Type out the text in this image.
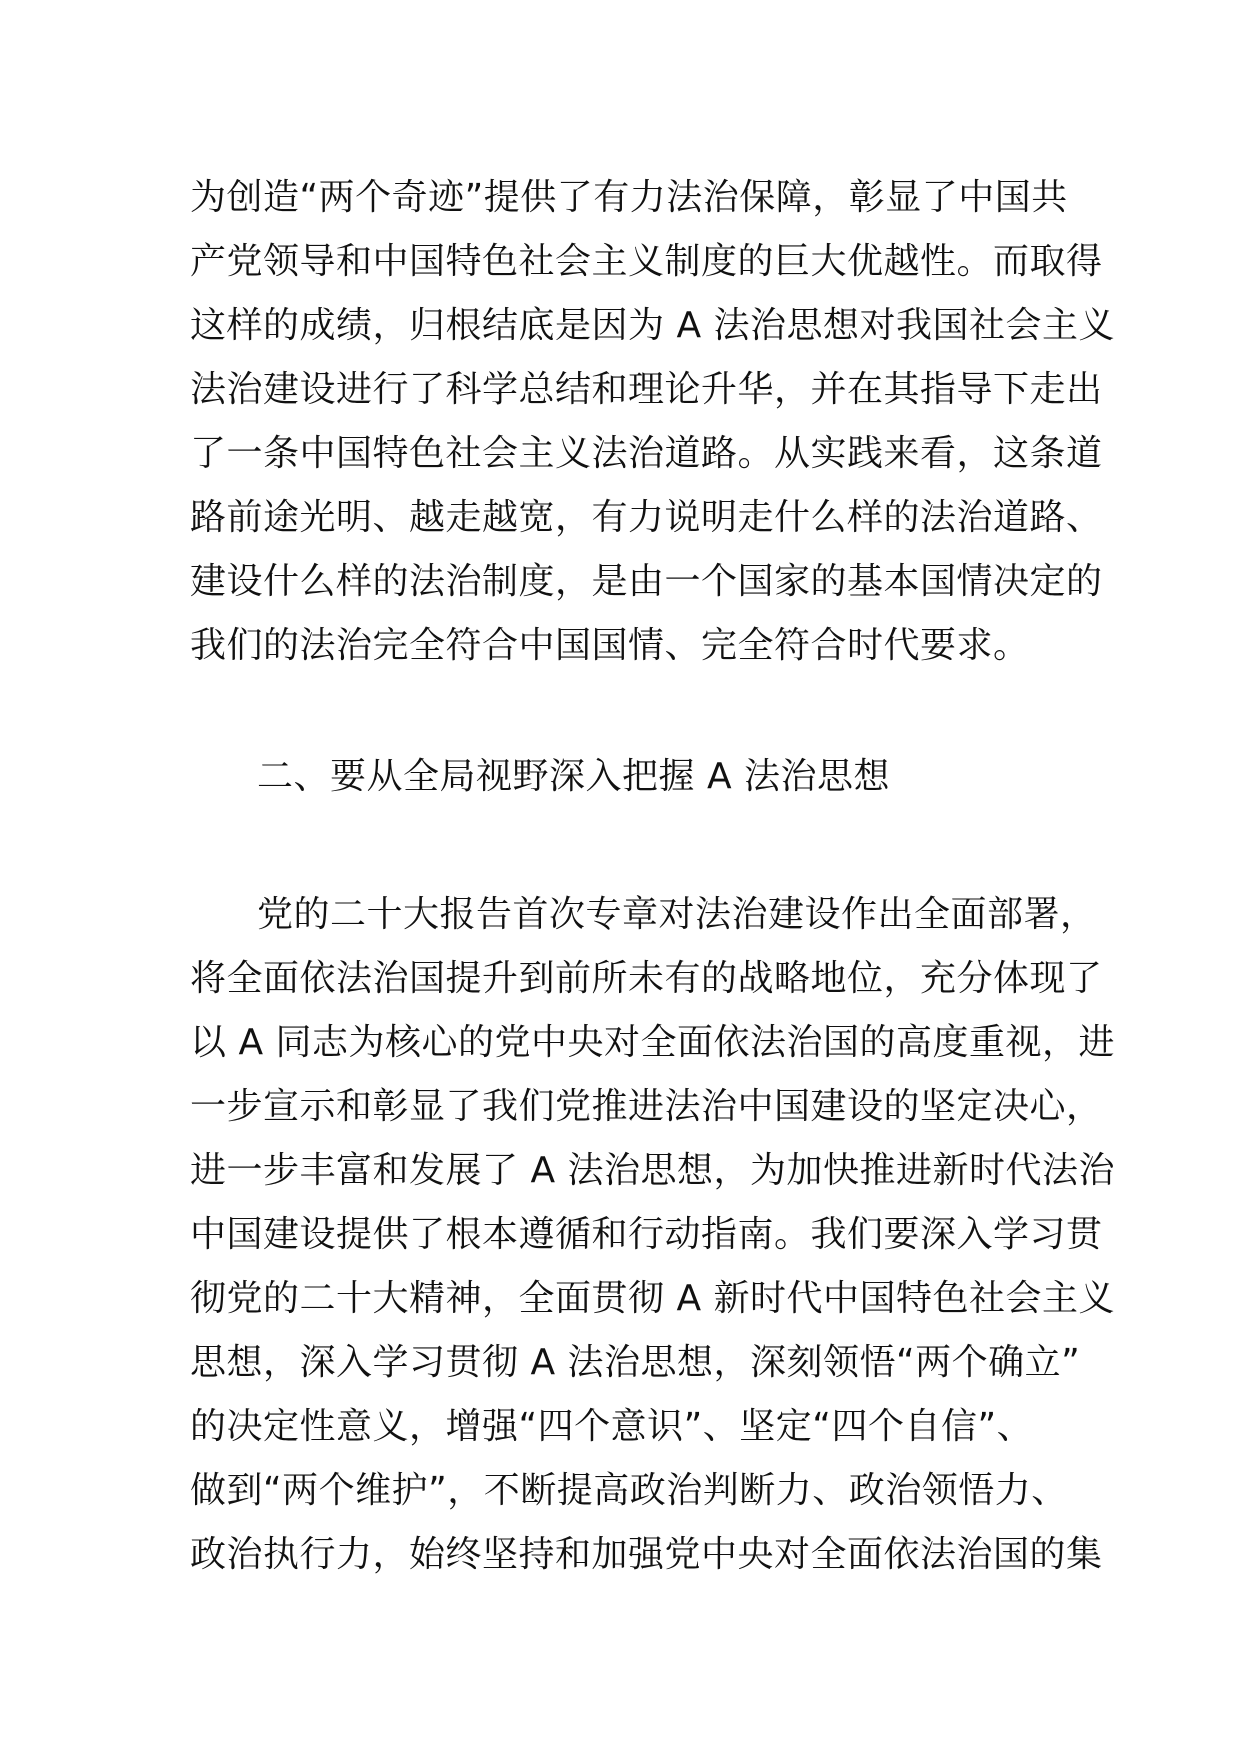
为创造“两个奇迹”提供了有力法治保障，彰显了中国共

产党领导和中国特色社会主义制度的巨大优越性。而取得

这样的成绩，归根结底是因为 A 法治思想对我国社会主义

法治建设进行了科学总结和理论升华，并在其指导下走出

了一条中国特色社会主义法治道路。从实践来看，这条道

路前途光明、越走越宽，有力说明走什么样的法治道路、

建设什么样的法治制度，是由一个国家的基本国情决定的

我们的法治完全符合中国国情、完全符合时代要求。

二、要从全局视野深入把握 A 法治思想

党的二十大报告首次专章对法治建设作出全面部署，

将全面依法治国提升到前所未有的战略地位，充分体现了

以 A 同志为核心的党中央对全面依法治国的高度重视，进

一步宣示和彰显了我们党推进法治中国建设的坚定决心，

进一步丰富和发展了 A 法治思想，为加快推进新时代法治

中国建设提供了根本遵循和行动指南。我们要深入学习贯

彻党的二十大精神，全面贯彻 A 新时代中国特色社会主义

思想，深入学习贯彻 A 法治思想，深刻领悟“两个确立”

的决定性意义，增强“四个意识”、坚定“四个自信”、

做到“两个维护”，不断提高政治判断力、政治领悟力、

政治执行力，始终坚持和加强党中央对全面依法治国的集
